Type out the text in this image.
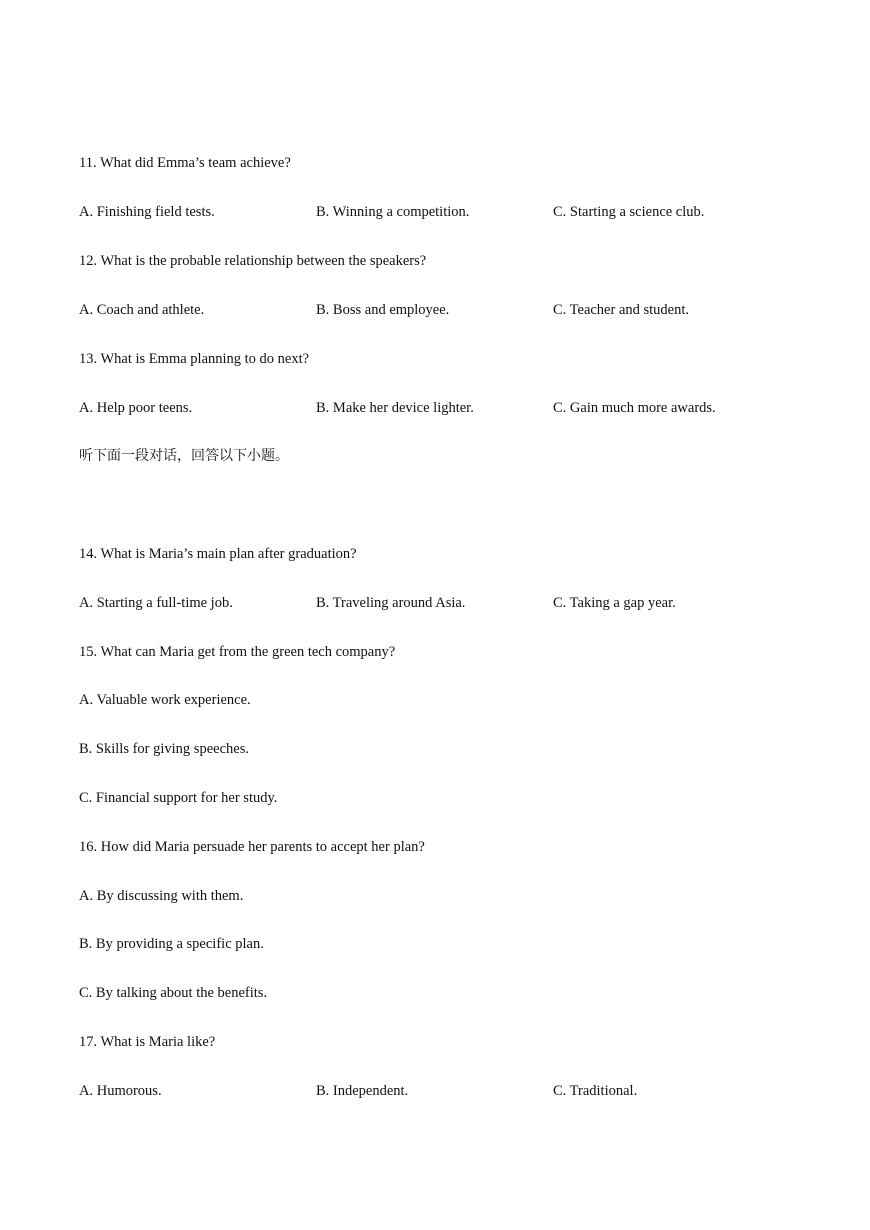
11. What did Emma’s team achieve?
A. Finishing field tests.	B. Winning a competition.	C. Starting a science club.
12. What is the probable relationship between the speakers?
A. Coach and athlete.	B. Boss and employee.	C. Teacher and student.
13. What is Emma planning to do next?
A. Help poor teens.	B. Make her device lighter.	C. Gain much more awards.
听下面一段对话，回答以下小题。
14. What is Maria’s main plan after graduation?
A. Starting a full-time job.	B. Traveling around Asia.	C. Taking a gap year.
15. What can Maria get from the green tech company?
A. Valuable work experience.
B. Skills for giving speeches.
C. Financial support for her study.
16. How did Maria persuade her parents to accept her plan?
A. By discussing with them.
B. By providing a specific plan.
C. By talking about the benefits.
17. What is Maria like?
A. Humorous.	B. Independent.	C. Traditional.
